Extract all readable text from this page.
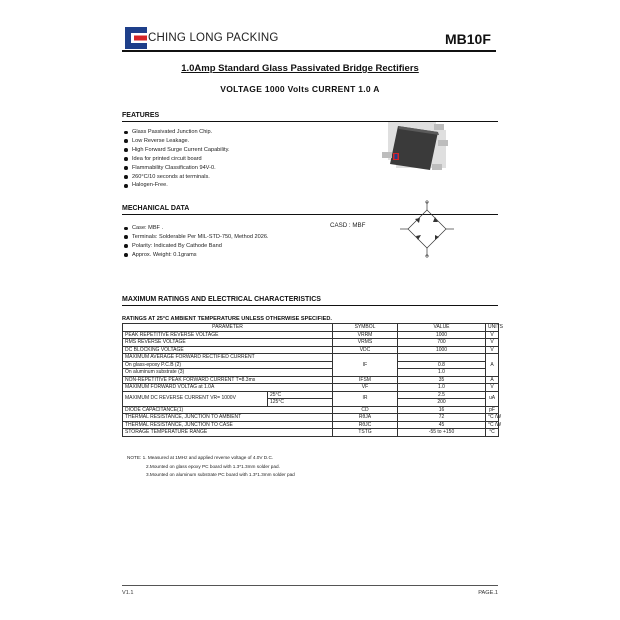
CHING LONG PACKING	MB10F
1.0Amp Standard Glass Passivated Bridge Rectifiers
VOLTAGE 1000 Volts CURRENT 1.0 A
FEATURES
Glass Passivated Junction Chip.
Low Reverse Leakage.
High Forward Surge Current Capability.
Idea for printed circuit board
Flammability Classification 94V-0.
260°C/10 seconds at terminals.
Halogen-Free.
MECHANICAL DATA
Case: MBF .
Terminals: Solderable Per MIL-STD-750, Method 2026.
Polarity: Indicated By Cathode Band
Approx. Weight: 0.1grams
CASD : MBF
MAXIMUM RATINGS AND ELECTRICAL CHARACTERISTICS
RATINGS AT 25°C AMBIENT TEMPERATURE UNLESS OTHERWISE SPECIFIED.
PARAMETER		SYMBOL	VALUE	UNITS
PEAK REPETITIVE REVERSE VOLTAGE		VRRM	1000	V
RMS REVERSE VOLTAGE		VRMS	700	V
DC BLOCKING VOLTAGE		VDC	1000	V
MAXIMUM AVERAGE FORWARD RECTIFIED CURRENT		IF		A
On glass-epoxy P.C.B (2)			0.8	
On aluminum substrate (3)			1.0	
NON-REPETITIVE PEAK FORWARD CURRENT T=8.3ms		IFSM	35	A
MAXIMUM FORWARD VOLTAG at 1.0A		VF	1.0	V
MAXIMUM DC REVERSE CURRENT VR= 1000V	25°C	IR	2.5	uA
	125°C		200	
DIODE CAPACITANCE(1)		CD	16	pF
THERMAL RESISTANCE, JUNCTION TO AMBIENT		RθJA	72	°C /W
THERMAL RESISTANCE, JUNCTION TO CASE		RθJC	45	°C /W
STORAGE TEMPERATURE RANGE		TSTG	-55 to +150	°C
NOTE: 1. Measured at 1MHz and applied reverse voltage of 4.0V D.C.
2.Mounted on glass epoxy PC board with 1.3*1.3mm solder pad.
3.Mounted on aluminum substrate PC board with 1.3*1.3mm solder pad
V1.1	PAGE.1
